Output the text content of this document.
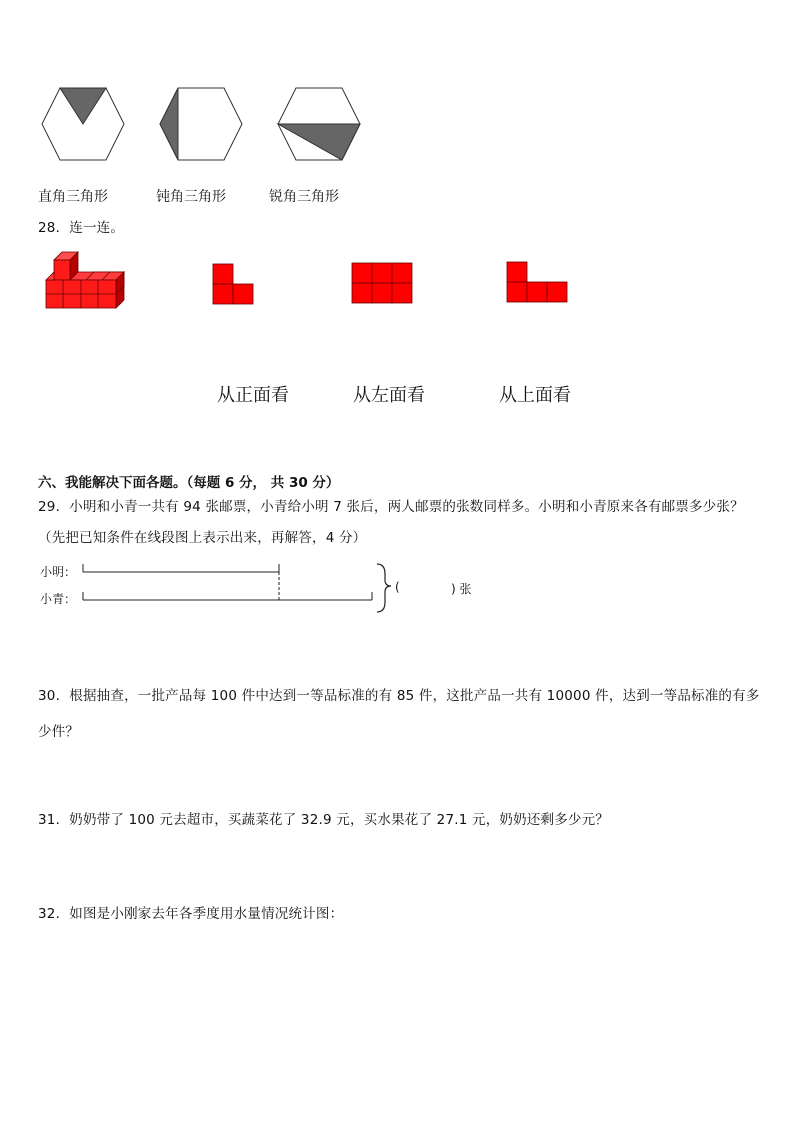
直角三角形	钝角三角形	锐角三角形
28．连一连。
从正面看	从左面看	从上面看
六、我能解决下面各题。（每题 6 分， 共 30 分）
29．小明和小青一共有 94 张邮票，小青给小明 7 张后，两人邮票的张数同样多。小明和小青原来各有邮票多少张？
（先把已知条件在线段图上表示出来，再解答，4 分）
小明：
小青：
(	) 张
30．根据抽查，一批产品每 100 件中达到一等品标准的有 85 件，这批产品一共有 10000 件，达到一等品标准的有多少件？
31．奶奶带了 100 元去超市，买蔬菜花了 32.9 元，买水果花了 27.1 元，奶奶还剩多少元？
32．如图是小刚家去年各季度用水量情况统计图：
